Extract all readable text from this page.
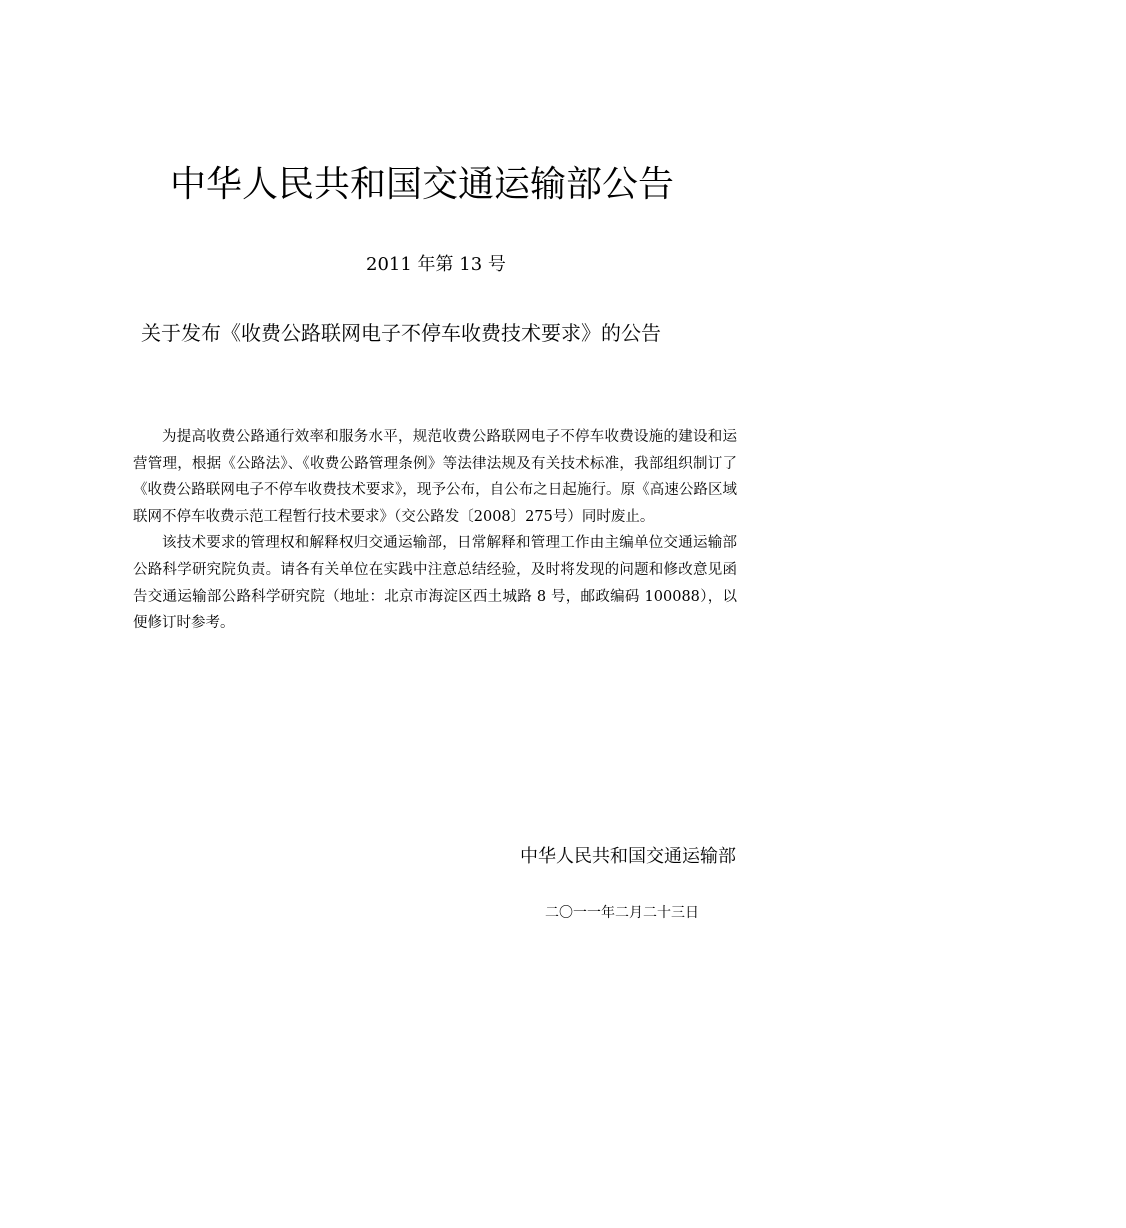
中华人民共和国交通运输部公告
2011 年第 13 号
关于发布《收费公路联网电子不停车收费技术要求》的公告

为提高收费公路通行效率和服务水平，规范收费公路联网电子不停车收费设施的建设和运营管理，根据《公路法》、《收费公路管理条例》等法律法规及有关技术标准，我部组织制订了《收费公路联网电子不停车收费技术要求》，现予公布，自公布之日起施行。原《高速公路区域联网不停车收费示范工程暂行技术要求》（交公路发〔2008〕275号）同时废止。

该技术要求的管理权和解释权归交通运输部，日常解释和管理工作由主编单位交通运输部公路科学研究院负责。请各有关单位在实践中注意总结经验，及时将发现的问题和修改意见函告交通运输部公路科学研究院（地址：北京市海淀区西土城路 8 号，邮政编码 100088），以便修订时参考。

中华人民共和国交通运输部
二〇一一年二月二十三日
